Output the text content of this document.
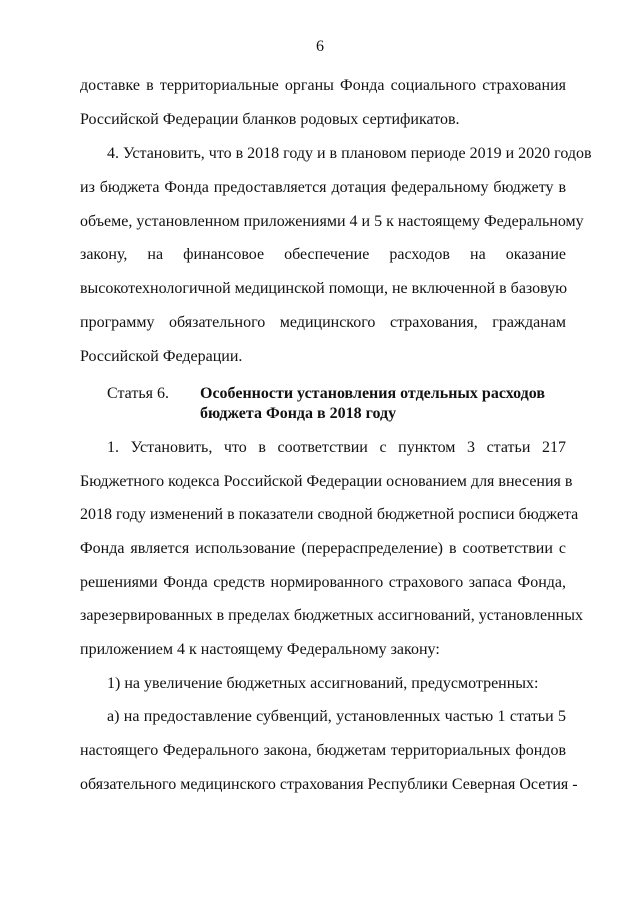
6
доставке в территориальные органы Фонда социального страхования
Российской Федерации бланков родовых сертификатов.
4. Установить, что в 2018 году и в плановом периоде 2019 и 2020 годов
из бюджета Фонда предоставляется дотация федеральному бюджету в
объеме, установленном приложениями 4 и 5 к настоящему Федеральному
закону, на финансовое обеспечение расходов на оказание
высокотехнологичной медицинской помощи, не включенной в базовую
программу обязательного медицинского страхования, гражданам
Российской Федерации.
Статья 6. Особенности установления отдельных расходов
бюджета Фонда в 2018 году
1. Установить, что в соответствии с пунктом 3 статьи 217
Бюджетного кодекса Российской Федерации основанием для внесения в
2018 году изменений в показатели сводной бюджетной росписи бюджета
Фонда является использование (перераспределение) в соответствии с
решениями Фонда средств нормированного страхового запаса Фонда,
зарезервированных в пределах бюджетных ассигнований, установленных
приложением 4 к настоящему Федеральному закону:
1) на увеличение бюджетных ассигнований, предусмотренных:
а) на предоставление субвенций, установленных частью 1 статьи 5
настоящего Федерального закона, бюджетам территориальных фондов
обязательного медицинского страхования Республики Северная Осетия -
